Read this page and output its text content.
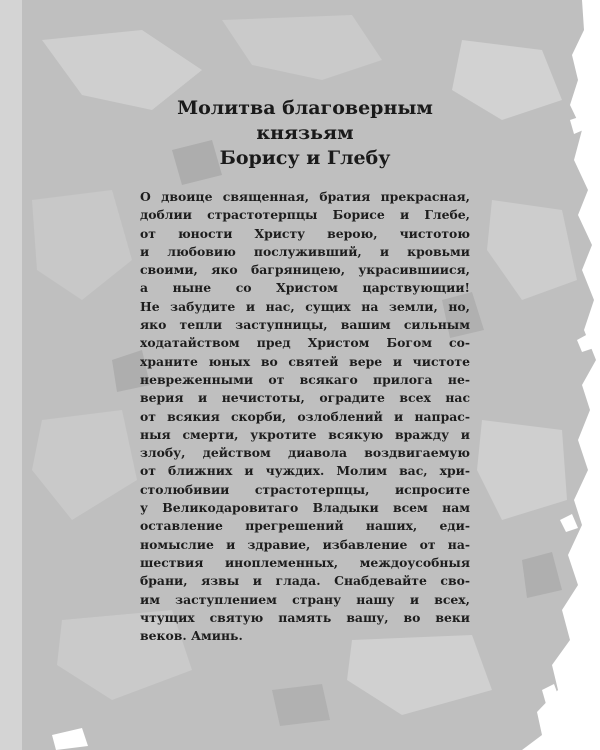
Молитва благоверным
князьям
Борису и Глебу
О двоице священная, братия прекрасная,
доблии страстотерпцы Борисе и Глебе,
от юности Христу верою, чистотою
и любовию послуживший, и кровьми
своими, яко багряницею, украсившиися,
а ныне со Христом царствующии!
Не забудите и нас, сущих на земли, но,
яко тепли заступницы, вашим сильным
ходатайством пред Христом Богом со-
храните юных во святей вере и чистоте
невреженными от всякаго прилога не-
верия и нечистоты, оградите всех нас
от всякия скорби, озлоблений и напрас-
ныя смерти, укротите всякую вражду и
злобу, действом диавола воздвигаемую
от ближних и чуждих. Молим вас, хри-
столюбивии страстотерпцы, испросите
у Великодаровитаго Владыки всем нам
оставление прегрешений наших, еди-
номыслие и здравие, избавление от на-
шествия иноплеменных, междоусобныя
брани, язвы и глада. Снабдевайте сво-
им заступлением страну нашу и всех,
чтущих святую память вашу, во веки
веков. Аминь.
